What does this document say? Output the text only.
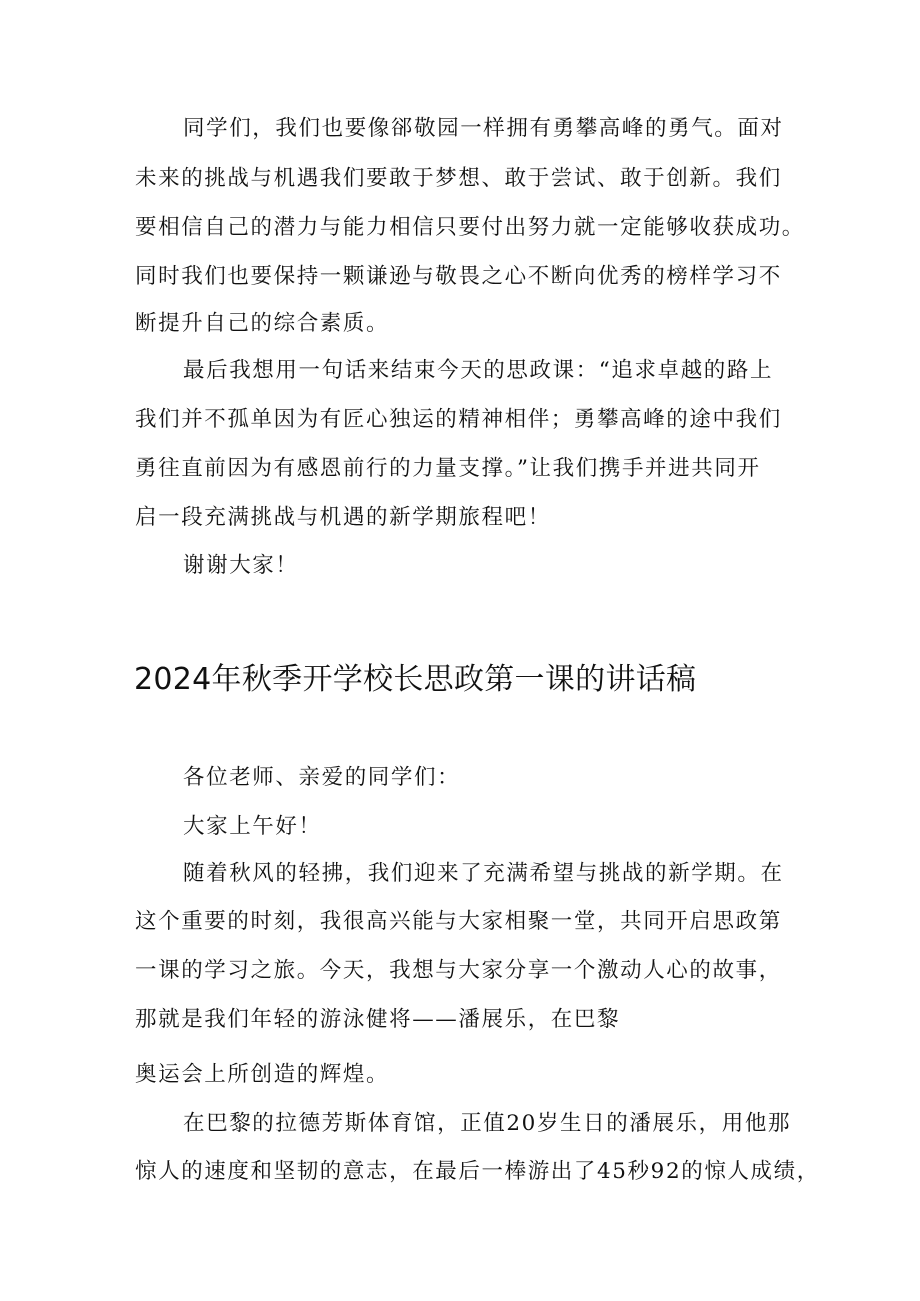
同学们，我们也要像郤敬园一样拥有勇攀高峰的勇气。面对
未来的挑战与机遇我们要敢于梦想、敢于尝试、敢于创新。我们
要相信自己的潜力与能力相信只要付出努力就一定能够收获成功。
同时我们也要保持一颗谦逊与敬畏之心不断向优秀的榜样学习不
断提升自己的综合素质。
最后我想用一句话来结束今天的思政课：“追求卓越的路上
我们并不孤单因为有匠心独运的精神相伴；勇攀高峰的途中我们
勇往直前因为有感恩前行的力量支撑。”让我们携手并进共同开
启一段充满挑战与机遇的新学期旅程吧！
谢谢大家！
2024年秋季开学校长思政第一课的讲话稿
各位老师、亲爱的同学们：
大家上午好！
随着秋风的轻拂，我们迎来了充满希望与挑战的新学期。在
这个重要的时刻，我很高兴能与大家相聚一堂，共同开启思政第
一课的学习之旅。今天，我想与大家分享一个激动人心的故事，
那就是我们年轻的游泳健将——潘展乐，在巴黎
奥运会上所创造的辉煌。
在巴黎的拉德芳斯体育馆，正值20岁生日的潘展乐，用他那
惊人的速度和坚韧的意志，在最后一棒游出了45秒92的惊人成绩，
